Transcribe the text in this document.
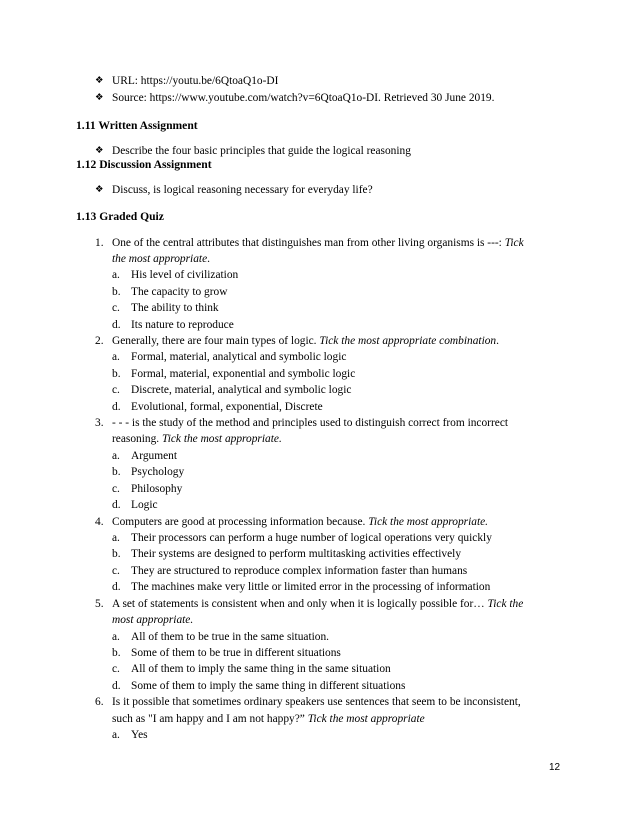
❖ URL: https://youtu.be/6QtoaQ1o-DI
❖ Source: https://www.youtube.com/watch?v=6QtoaQ1o-DI. Retrieved 30 June 2019.
1.11 Written Assignment
❖ Describe the four basic principles that guide the logical reasoning
1.12 Discussion Assignment
❖ Discuss, is logical reasoning necessary for everyday life?
1.13 Graded Quiz
1. One of the central attributes that distinguishes man from other living organisms is ---: Tick
the most appropriate.
a. His level of civilization
b. The capacity to grow
c. The ability to think
d. Its nature to reproduce
2. Generally, there are four main types of logic. Tick the most appropriate combination.
a. Formal, material, analytical and symbolic logic
b. Formal, material, exponential and symbolic logic
c. Discrete, material, analytical and symbolic logic
d. Evolutional, formal, exponential, Discrete
3. - - - is the study of the method and principles used to distinguish correct from incorrect
reasoning. Tick the most appropriate.
a. Argument
b. Psychology
c. Philosophy
d. Logic
4. Computers are good at processing information because. Tick the most appropriate.
a. Their processors can perform a huge number of logical operations very quickly
b. Their systems are designed to perform multitasking activities effectively
c. They are structured to reproduce complex information faster than humans
d. The machines make very little or limited error in the processing of information
5. A set of statements is consistent when and only when it is logically possible for… Tick the
most appropriate.
a. All of them to be true in the same situation.
b. Some of them to be true in different situations
c. All of them to imply the same thing in the same situation
d. Some of them to imply the same thing in different situations
6. Is it possible that sometimes ordinary speakers use sentences that seem to be inconsistent,
such as "I am happy and I am not happy?” Tick the most appropriate
a. Yes
12
